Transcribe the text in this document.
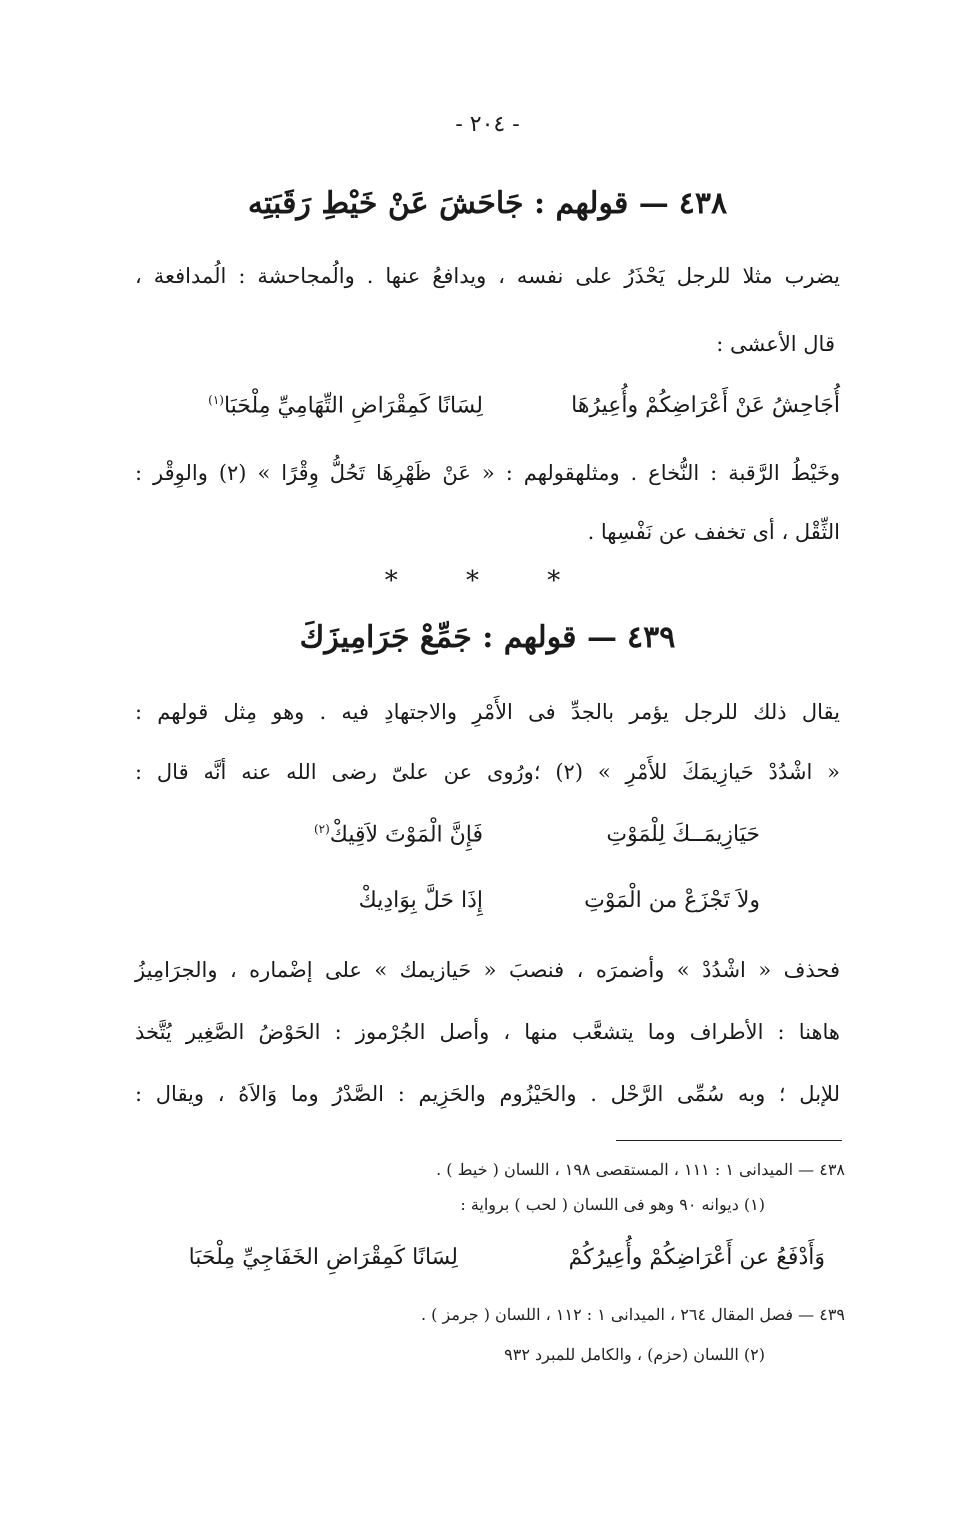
- ٢٠٤ -
٤٣٨— قولهم : جَاحَشَ عَنْ خَيْطِ رَقَبَتِه
يضرب مثلا للرجل يَحْذَرُ على نفسه ، ويدافعُ عنها . والُمجاحشة : الُمدافعة ،
قال الأعشى :
أُجَاحِشُ عَنْ أَعْرَاضِكُمْ وأُعِيرُهَا لِسَانًا كَمِقْرَاضِ التِّهَامِيِّ مِلْحَبَا$^{(١)}$
وخَيْطُ الرَّقبة : النُّخاع . ومثلهقولهم : « عَنْ ظَهْرِهَا تَحُلُّ وِقْرًا » (٢) والوِقْر :
الثِّقْل ، أى تخفف عن نَفْسِها .
* * *
٤٣٩— قولهم : جَمِّعْ جَرَامِيزَكَ
يقال ذلك للرجل يؤمر بالجدِّ فى الأَمْرِ والاجتهادِ فيه . وهو مِثل قولهم :
« اشْدُدْ حَيازِيمَكَ للأَمْرِ » (٢) ؛ورُوى عن علىّ رضى الله عنه أنَّه قال :
حَيَازِيمَــكَ لِلْمَوْتِ فَإِنَّ الْمَوْتَ لاَقِيكْ$^{(٢)}$
ولاَ تَجْزَعْ من الْمَوْتِ إِذَا حَلَّ بِوَادِيكْ
فحذف « اشْدُدْ » وأضمرَه ، فنصبَ « حَيازيمك » على إضْماره ، والجرَامِيزُ
هاهنا : الأطراف وما يتشعَّب منها ، وأصل الجُرْموز : الحَوْضُ الصَّغِير يُتَّخذ
للإبل ؛ وبه سُمِّى الرَّحْل . والحَيْزُوم والحَزِيم : الصَّدْرُ وما وَالاَهُ ، ويقال :
٤٣٨ — الميدانى ١ : ١١١ ، المستقصى ١٩٨ ، اللسان ( خيط ) .
(١) ديوانه ٩٠ وهو فى اللسان ( لحب ) برواية :
وَأَدْفَعُ عن أَعْرَاضِكُمْ وأُعِيرُكُمْ لِسَانًا كَمِقْرَاضِ الخَفَاجِيِّ مِلْحَبَا
٤٣٩ — فصل المقال ٢٦٤ ، الميدانى ١ : ١١٢ ، اللسان ( جرمز ) .
(٢) اللسان (حزم) ، والكامل للمبرد ٩٣٢
